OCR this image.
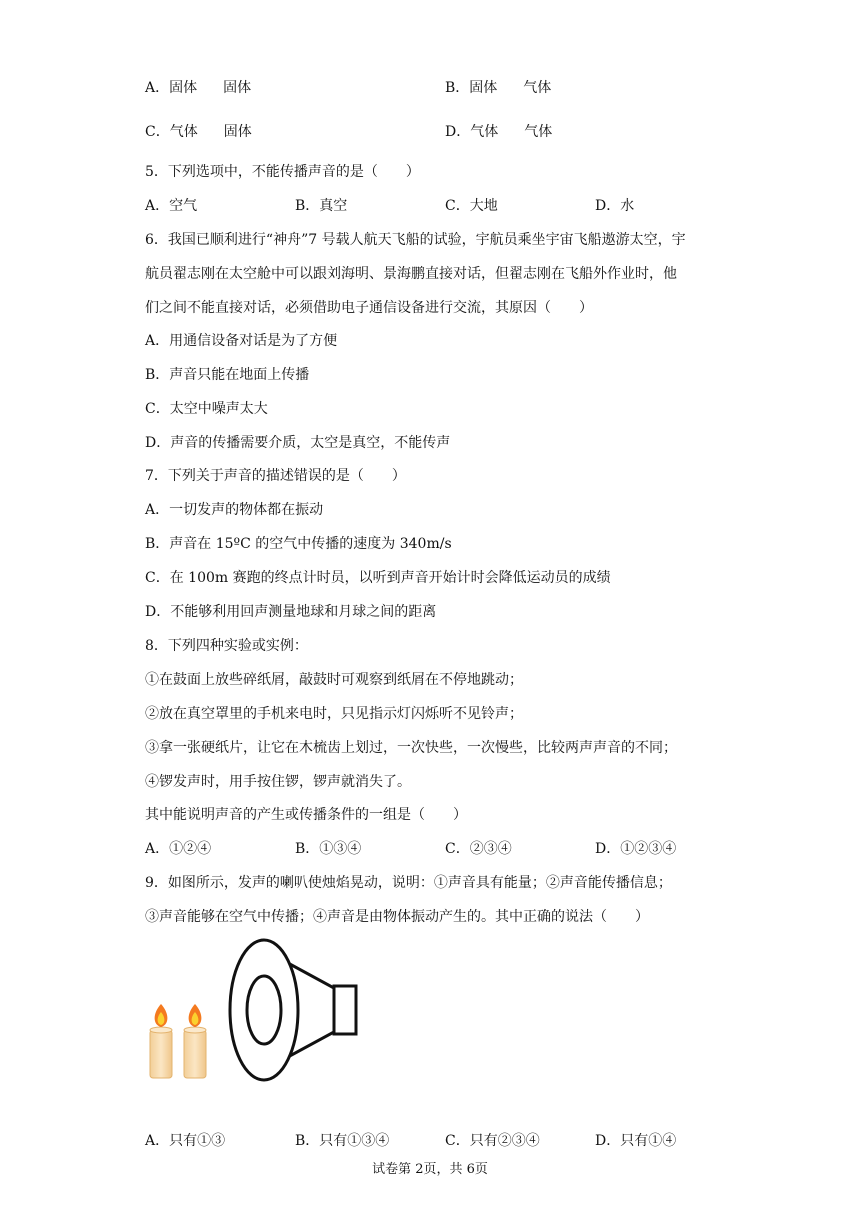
A．固体 固体	B．固体 气体
C．气体 固体	D．气体 气体
5．下列选项中，不能传播声音的是（　　）
A．空气	B．真空	C．大地	D．水
6．我国已顺利进行“神舟”7 号载人航天飞船的试验，宇航员乘坐宇宙飞船遨游太空，宇
航员翟志刚在太空舱中可以跟刘海明、景海鹏直接对话，但翟志刚在飞船外作业时，他
们之间不能直接对话，必须借助电子通信设备进行交流，其原因（　　）
A．用通信设备对话是为了方便
B．声音只能在地面上传播
C．太空中噪声太大
D．声音的传播需要介质，太空是真空，不能传声
7．下列关于声音的描述错误的是（　　）
A．一切发声的物体都在振动
B．声音在 15ºC 的空气中传播的速度为 340m/s
C．在 100m 赛跑的终点计时员，以听到声音开始计时会降低运动员的成绩
D．不能够利用回声测量地球和月球之间的距离
8．下列四种实验或实例：
①在鼓面上放些碎纸屑，敲鼓时可观察到纸屑在不停地跳动；
②放在真空罩里的手机来电时，只见指示灯闪烁听不见铃声；
③拿一张硬纸片，让它在木梳齿上划过，一次快些，一次慢些，比较两声声音的不同；
④锣发声时，用手按住锣，锣声就消失了。
其中能说明声音的产生或传播条件的一组是（　　）
A．①②④	B．①③④	C．②③④	D．①②③④
9．如图所示，发声的喇叭使烛焰晃动，说明：①声音具有能量；②声音能传播信息；
③声音能够在空气中传播；④声音是由物体振动产生的。其中正确的说法（　　）
A．只有①③	B．只有①③④	C．只有②③④	D．只有①④
试卷第 2页，共 6页
